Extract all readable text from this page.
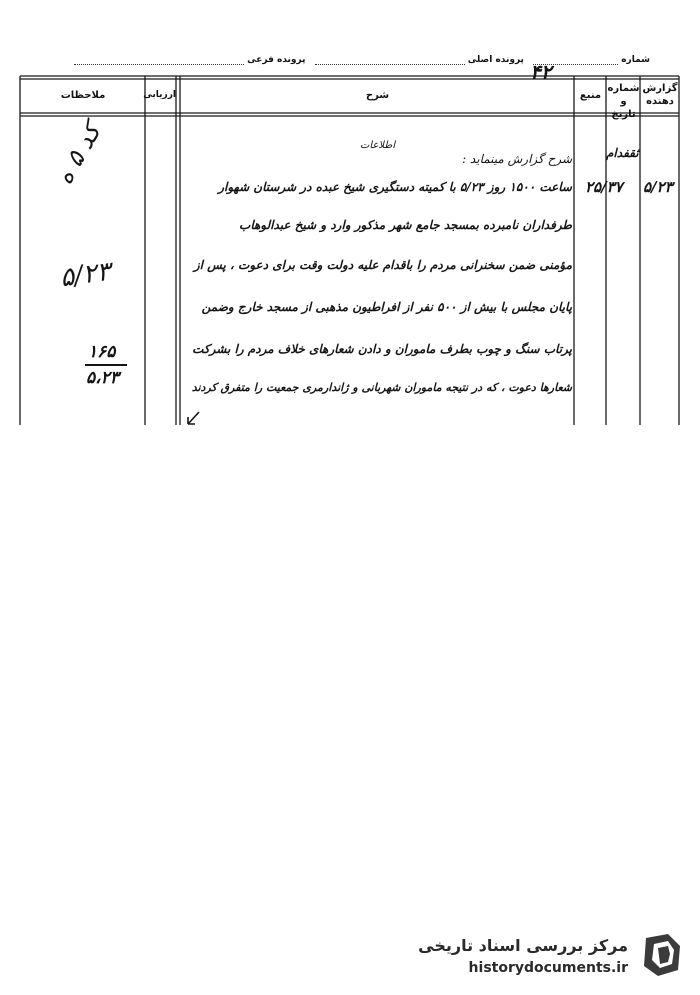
شماره  پرونده اصلی  پرونده فرعی	۴۲
گزارش دهنده
شماره و تاریخ
منبع
شرح
ارزیابی
ملاحظات
۵/۲۳
۲۵/۳۷
ثقفدام
اطلاعات
شرح گزارش مینماید :
ساعت ۱۵۰۰ روز ۵/۲۳ با کمیته دستگیری شیخ عبده در شرستان شهوار
طرفداران نامبرده بمسجد جامع شهر مذکور وارد و شیخ عبدالوهاب
مؤمنی ضمن سخنرانی مردم را باقدام علیه دولت وقت برای دعوت ، پس از
پایان مجلس با بیش از ۵۰۰ نفر از افراطیون مذهبی از مسجد خارج وضمن
پرتاب سنگ و چوب بطرف ماموران و دادن شعارهای خلاف مردم را بشرکت
شعارها دعوت ، که در نتیجه ماموران شهربانی و ژاندارمری جمعیت را متفرق کردند
کد ۵ ه
۵/۲۳
۱۶۵
۵،۲۳
مرکز بررسی اسناد تاریخی
historydocuments.ir
